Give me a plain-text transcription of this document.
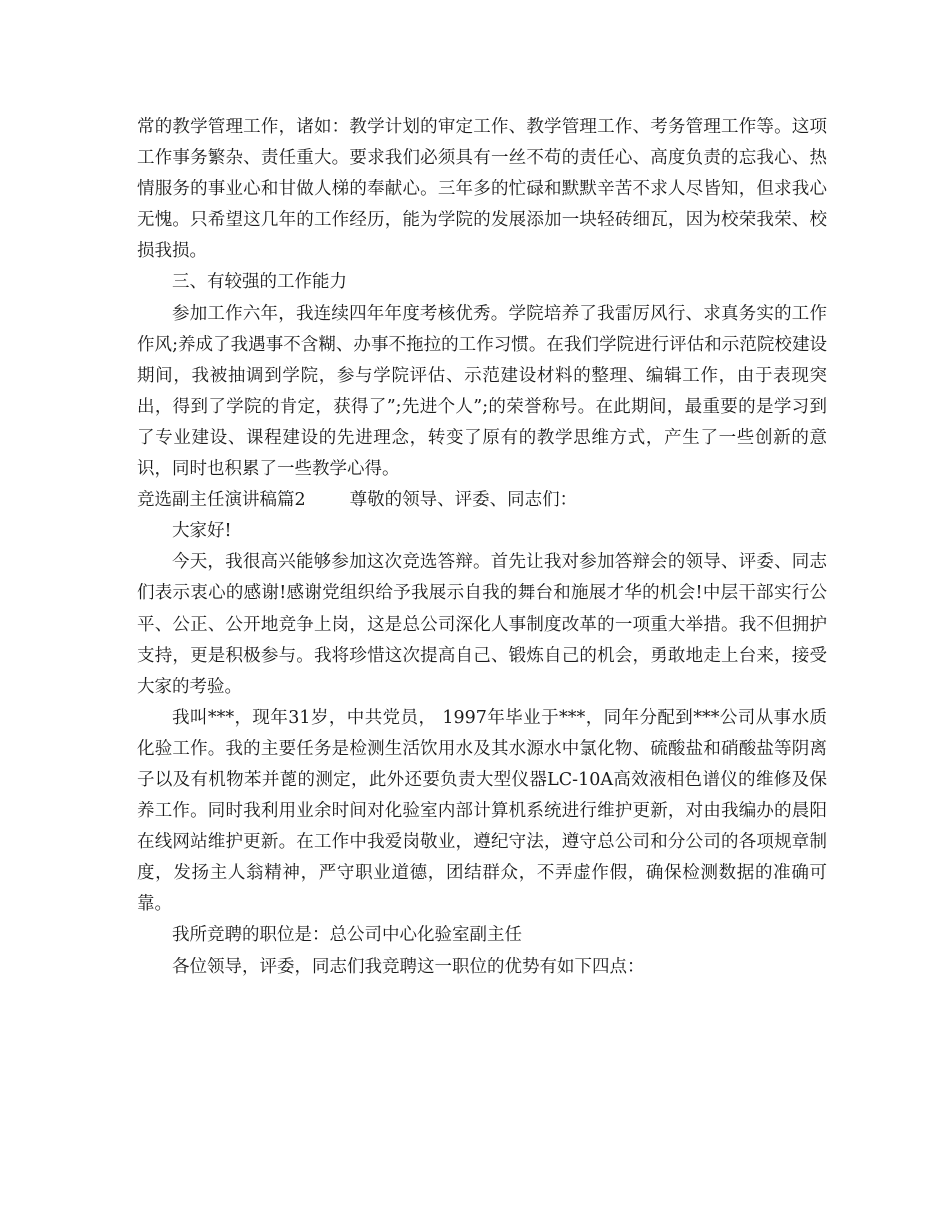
常的教学管理工作，诸如：教学计划的审定工作、教学管理工作、考务管理工作等。这项工作事务繁杂、责任重大。要求我们必须具有一丝不苟的责任心、高度负责的忘我心、热情服务的事业心和甘做人梯的奉献心。三年多的忙碌和默默辛苦不求人尽皆知，但求我心无愧。只希望这几年的工作经历，能为学院的发展添加一块轻砖细瓦，因为校荣我荣、校损我损。

三、有较强的工作能力

参加工作六年，我连续四年年度考核优秀。学院培养了我雷厉风行、求真务实的工作作风;养成了我遇事不含糊、办事不拖拉的工作习惯。在我们学院进行评估和示范院校建设期间，我被抽调到学院，参与学院评估、示范建设材料的整理、编辑工作，由于表现突出，得到了学院的肯定，获得了”;先进个人”;的荣誉称号。在此期间，最重要的是学习到了专业建设、课程建设的先进理念，转变了原有的教学思维方式，产生了一些创新的意识，同时也积累了一些教学心得。

竞选副主任演讲稿篇2	尊敬的领导、评委、同志们：

大家好!

今天，我很高兴能够参加这次竞选答辩。首先让我对参加答辩会的领导、评委、同志们表示衷心的感谢!感谢党组织给予我展示自我的舞台和施展才华的机会!中层干部实行公平、公正、公开地竞争上岗，这是总公司深化人事制度改革的一项重大举措。我不但拥护支持，更是积极参与。我将珍惜这次提高自己、锻炼自己的机会，勇敢地走上台来，接受大家的考验。

我叫***，现年31岁，中共党员， 1997年毕业于***，同年分配到***公司从事水质化验工作。我的主要任务是检测生活饮用水及其水源水中氯化物、硫酸盐和硝酸盐等阴离子以及有机物苯并蓖的测定，此外还要负责大型仪器LC-10A高效液相色谱仪的维修及保养工作。同时我利用业余时间对化验室内部计算机系统进行维护更新，对由我编办的晨阳在线网站维护更新。在工作中我爱岗敬业，遵纪守法，遵守总公司和分公司的各项规章制度，发扬主人翁精神，严守职业道德，团结群众，不弄虚作假，确保检测数据的准确可靠。

我所竞聘的职位是：总公司中心化验室副主任

各位领导，评委，同志们我竞聘这一职位的优势有如下四点：
